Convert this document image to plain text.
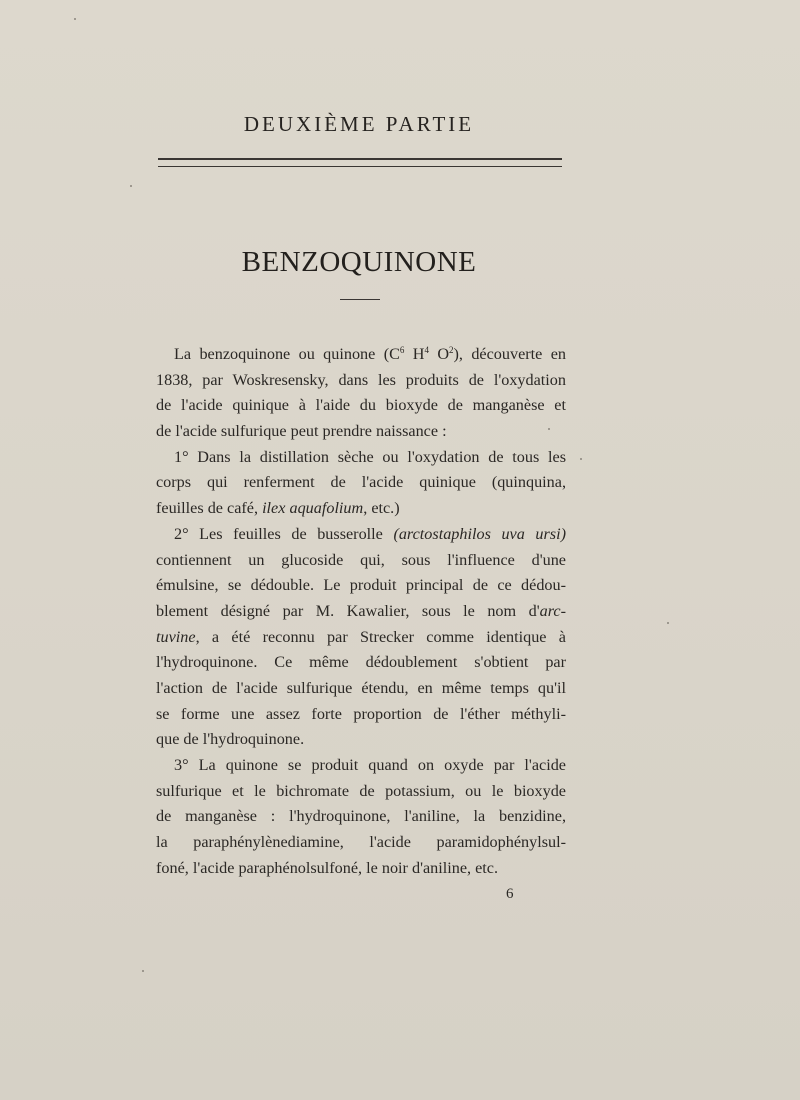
DEUXIÈME PARTIE
BENZOQUINONE
La benzoquinone ou quinone ($C^6$ $H^4$ $O^2$), découverte en
1838, par Woskresensky, dans les produits de l'oxydation
de l'acide quinique à l'aide du bioxyde de manganèse et
de l'acide sulfurique peut prendre naissance :
1° Dans la distillation sèche ou l'oxydation de tous les
corps qui renferment de l'acide quinique (quinquina,
feuilles de café, ilex aquafolium, etc.)
2° Les feuilles de busserolle (arctostaphilos uva ursi)
contiennent un glucoside qui, sous l'influence d'une
émulsine, se dédouble. Le produit principal de ce dédou-
blement désigné par M. Kawalier, sous le nom d'arc-
tuvine, a été reconnu par Strecker comme identique à
l'hydroquinone. Ce même dédoublement s'obtient par
l'action de l'acide sulfurique étendu, en même temps qu'il
se forme une assez forte proportion de l'éther méthyli-
que de l'hydroquinone.
3° La quinone se produit quand on oxyde par l'acide
sulfurique et le bichromate de potassium, ou le bioxyde
de manganèse : l'hydroquinone, l'aniline, la benzidine,
la paraphénylènediamine, l'acide paramidophénylsul-
foné, l'acide paraphénolsulfoné, le noir d'aniline, etc.
6
